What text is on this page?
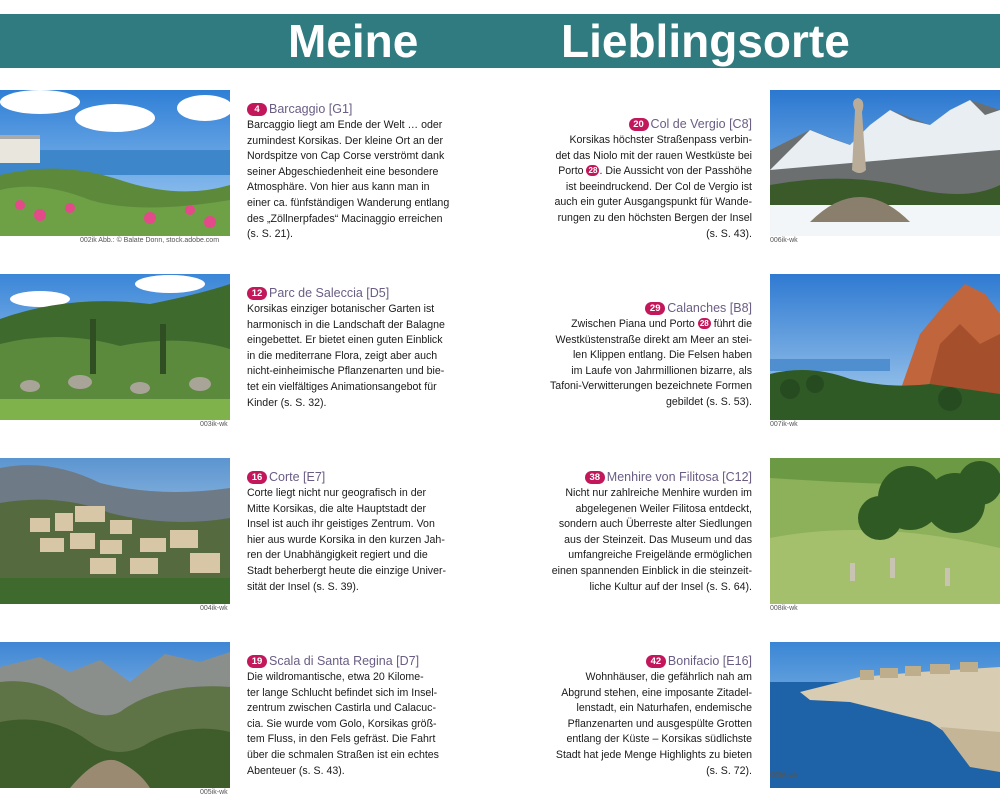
Meine	Lieblingsorte
002ik Abb.: © Balate Donn, stock.adobe.com
003ik-wk
004ik-wk
005ik-wk
4 Barcaggio [G1]
Barcaggio liegt am Ende der Welt … oder
zumindest Korsikas. Der kleine Ort an der
Nordspitze von Cap Corse verströmt dank
seiner Abgeschiedenheit eine besondere
Atmosphäre. Von hier aus kann man in
einer ca. fünfständigen Wanderung entlang
des „Zöllnerpfades“ Macinaggio erreichen
(s. S. 21).
12 Parc de Saleccia [D5]
Korsikas einziger botanischer Garten ist
harmonisch in die Landschaft der Balagne
eingebettet. Er bietet einen guten Einblick
in die mediterrane Flora, zeigt aber auch
nicht-einheimische Pflanzenarten und bie-
tet ein vielfältiges Animationsangebot für
Kinder (s. S. 32).
16 Corte [E7]
Corte liegt nicht nur geografisch in der
Mitte Korsikas, die alte Hauptstadt der
Insel ist auch ihr geistiges Zentrum. Von
hier aus wurde Korsika in den kurzen Jah-
ren der Unabhängigkeit regiert und die
Stadt beherbergt heute die einzige Univer-
sität der Insel (s. S. 39).
19 Scala di Santa Regina [D7]
Die wildromantische, etwa 20 Kilome-
ter lange Schlucht befindet sich im Insel-
zentrum zwischen Castirla und Calacuc-
cia. Sie wurde vom Golo, Korsikas größ-
tem Fluss, in den Fels gefräst. Die Fahrt
über die schmalen Straßen ist ein echtes
Abenteuer (s. S. 43).
20 Col de Vergio [C8]
Korsikas höchster Straßenpass verbin-
det das Niolo mit der rauen Westküste bei
Porto 28 . Die Aussicht von der Passhöhe
ist beeindruckend. Der Col de Vergio ist
auch ein guter Ausgangspunkt für Wande-
rungen zu den höchsten Bergen der Insel
(s. S. 43).
29 Calanches [B8]
Zwischen Piana und Porto 28 führt die
Westküstenstraße direkt am Meer an stei-
len Klippen entlang. Die Felsen haben
im Laufe von Jahrmillionen bizarre, als
Tafoni-Verwitterungen bezeichnete Formen
gebildet (s. S. 53).
38 Menhire von Filitosa [C12]
Nicht nur zahlreiche Menhire wurden im
abgelegenen Weiler Filitosa entdeckt,
sondern auch Überreste alter Siedlungen
aus der Steinzeit. Das Museum und das
umfangreiche Freigelände ermöglichen
einen spannenden Einblick in die steinzeit-
liche Kultur auf der Insel (s. S. 64).
42 Bonifacio [E16]
Wohnhäuser, die gefährlich nah am
Abgrund stehen, eine imposante Zitadel-
lenstadt, ein Naturhafen, endemische
Pflanzenarten und ausgespülte Grotten
entlang der Küste – Korsikas südlichste
Stadt hat jede Menge Highlights zu bieten
(s. S. 72).
006ik-wk
007ik-wk
008ik-wk
009ik-wk
